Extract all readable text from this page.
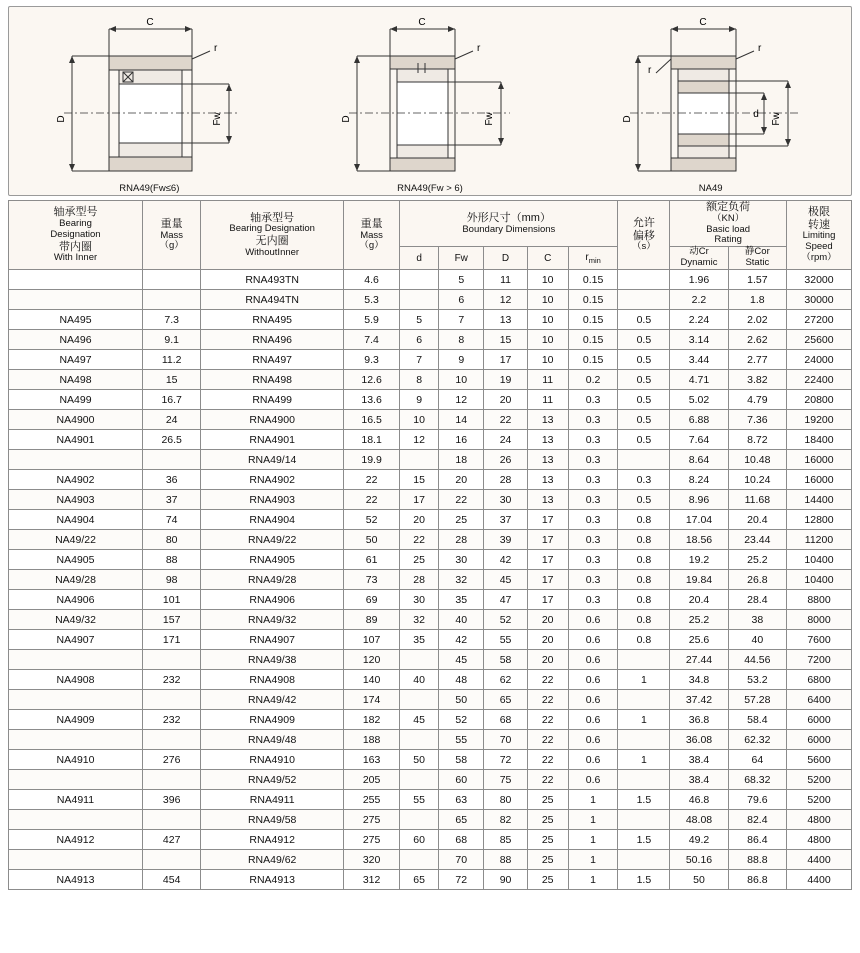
D
C
Fw
r
RNA49(Fw≤6)
D
C
Fw
r
RNA49(Fw > 6)
D
C
Fw
d
r
r
NA49
轴承型号
Bearing
Designation
带内圈
With Inner

重量
Mass
（g）

轴承型号
Bearing Designation
无内圈
WithoutInner

重量
Mass
（g）

外形尺寸（mm）
Boundary Dimensions

允许
偏移
（s）

额定负荷
（KN）
Basic load
Rating

极限
转速
Limiting
Speed
（rpm）

d	Fw	D	C	$r_{min}$	
动Cr
Dynamic

静Cor
Static

		RNA493TN	4.6		5	11	10	0.15		1.96	1.57	32000
		RNA494TN	5.3		6	12	10	0.15		2.2	1.8	30000
NA495	7.3	RNA495	5.9	5	7	13	10	0.15	0.5	2.24	2.02	27200
NA496	9.1	RNA496	7.4	6	8	15	10	0.15	0.5	3.14	2.62	25600
NA497	11.2	RNA497	9.3	7	9	17	10	0.15	0.5	3.44	2.77	24000
NA498	15	RNA498	12.6	8	10	19	11	0.2	0.5	4.71	3.82	22400
NA499	16.7	RNA499	13.6	9	12	20	11	0.3	0.5	5.02	4.79	20800
NA4900	24	RNA4900	16.5	10	14	22	13	0.3	0.5	6.88	7.36	19200
NA4901	26.5	RNA4901	18.1	12	16	24	13	0.3	0.5	7.64	8.72	18400
		RNA49/14	19.9		18	26	13	0.3		8.64	10.48	16000
NA4902	36	RNA4902	22	15	20	28	13	0.3	0.3	8.24	10.24	16000
NA4903	37	RNA4903	22	17	22	30	13	0.3	0.5	8.96	11.68	14400
NA4904	74	RNA4904	52	20	25	37	17	0.3	0.8	17.04	20.4	12800
NA49/22	80	RNA49/22	50	22	28	39	17	0.3	0.8	18.56	23.44	11200
NA4905	88	RNA4905	61	25	30	42	17	0.3	0.8	19.2	25.2	10400
NA49/28	98	RNA49/28	73	28	32	45	17	0.3	0.8	19.84	26.8	10400
NA4906	101	RNA4906	69	30	35	47	17	0.3	0.8	20.4	28.4	8800
NA49/32	157	RNA49/32	89	32	40	52	20	0.6	0.8	25.2	38	8000
NA4907	171	RNA4907	107	35	42	55	20	0.6	0.8	25.6	40	7600
		RNA49/38	120		45	58	20	0.6		27.44	44.56	7200
NA4908	232	RNA4908	140	40	48	62	22	0.6	1	34.8	53.2	6800
		RNA49/42	174		50	65	22	0.6		37.42	57.28	6400
NA4909	232	RNA4909	182	45	52	68	22	0.6	1	36.8	58.4	6000
		RNA49/48	188		55	70	22	0.6		36.08	62.32	6000
NA4910	276	RNA4910	163	50	58	72	22	0.6	1	38.4	64	5600
		RNA49/52	205		60	75	22	0.6		38.4	68.32	5200
NA4911	396	RNA4911	255	55	63	80	25	1	1.5	46.8	79.6	5200
		RNA49/58	275		65	82	25	1		48.08	82.4	4800
NA4912	427	RNA4912	275	60	68	85	25	1	1.5	49.2	86.4	4800
		RNA49/62	320		70	88	25	1		50.16	88.8	4400
NA4913	454	RNA4913	312	65	72	90	25	1	1.5	50	86.8	4400
